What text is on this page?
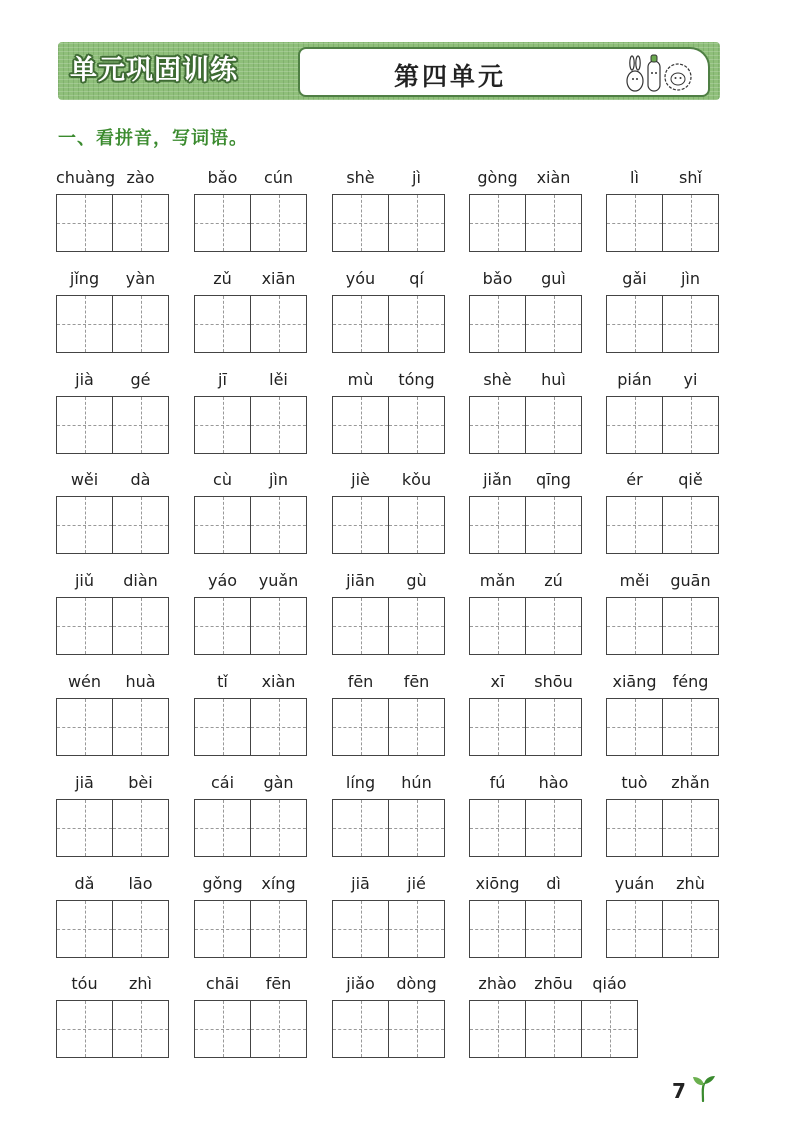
单元巩固训练	第四单元
一、看拼音，写词语。
chuàng zào	bǎo	cún	shè	jì	gòng	xiàn	lì	shǐ
jǐng	yàn	zǔ	xiān	yóu	qí	bǎo	guì	gǎi	jìn
jià	gé	jī	lěi	mù	tóng	shè	huì	pián	yi
wěi	dà	cù	jìn	jiè	kǒu	jiǎn	qīng	ér	qiě
jiǔ	diàn	yáo	yuǎn	jiān	gù	mǎn	zú	měi	guān
wén	huà	tǐ	xiàn	fēn	fēn	xī	shōu	xiāng	féng
jiā	bèi	cái	gàn	líng	hún	fú	hào	tuò	zhǎn
dǎ	lāo	gǒng	xíng	jiā	jié	xiōng	dì	yuán	zhù
tóu	zhì	chāi	fēn	jiǎo	dòng	zhào	zhōu	qiáo
7
